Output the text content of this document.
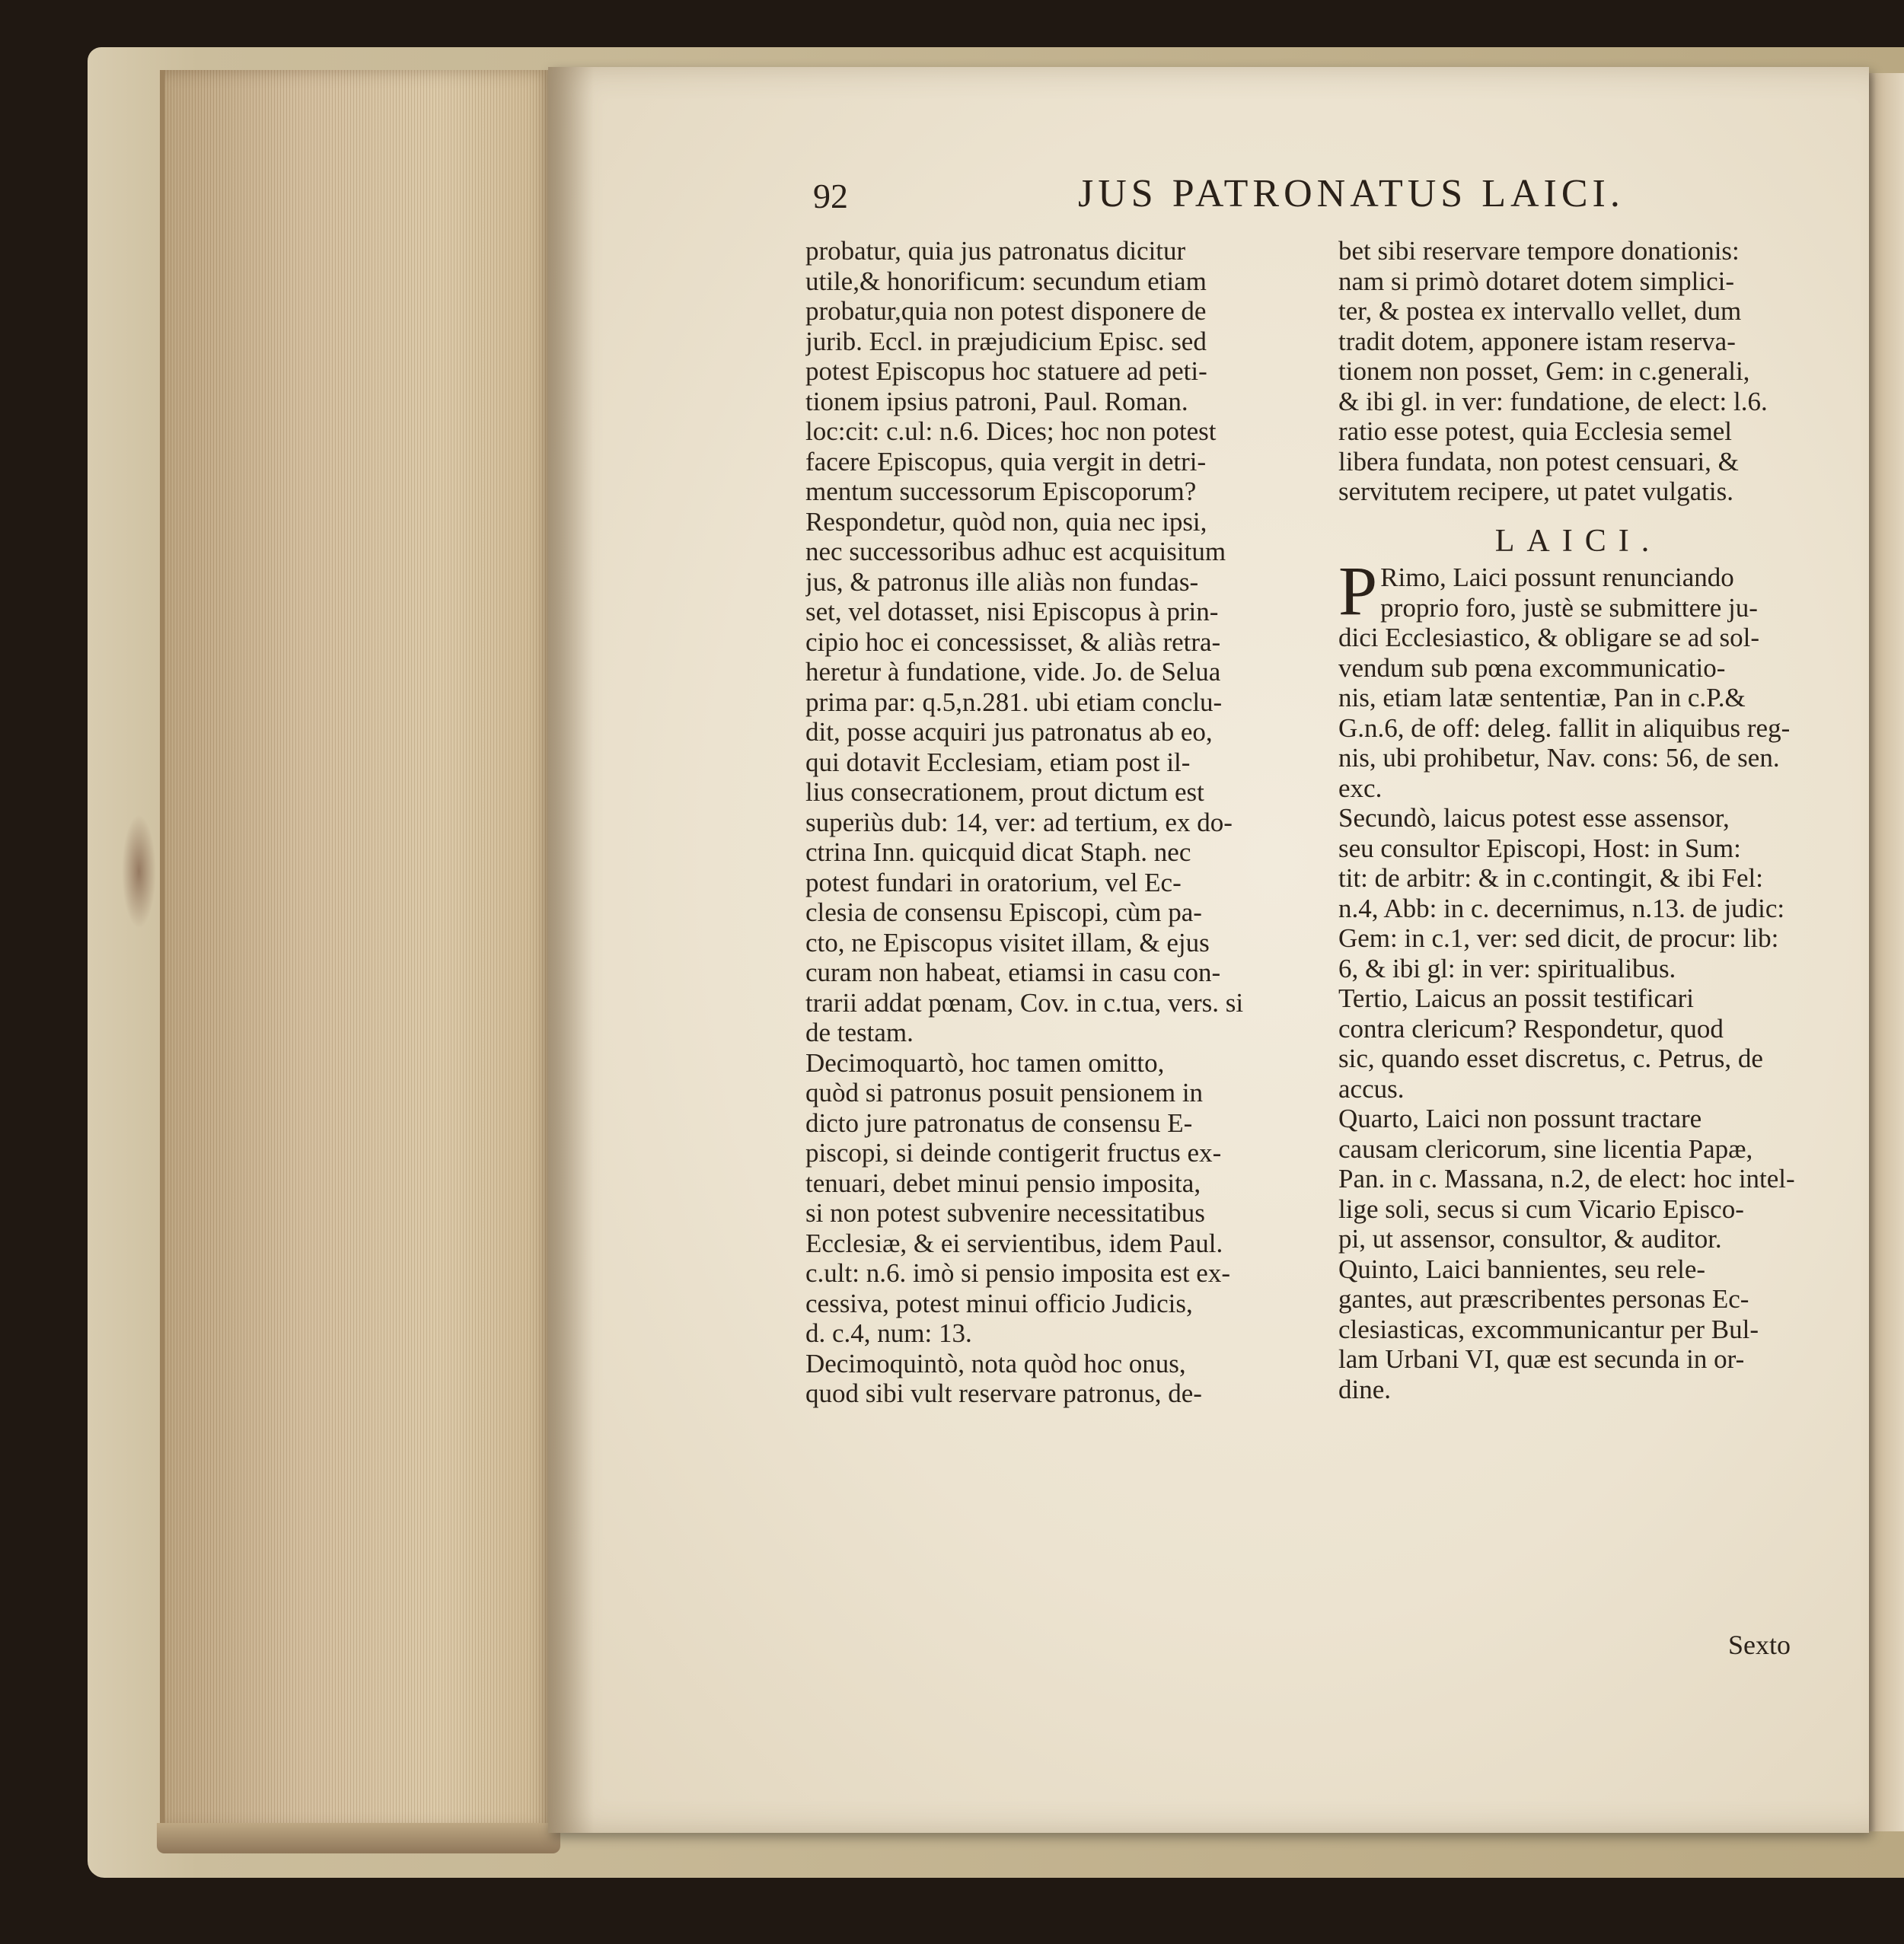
92	JUS PATRONATUS LAICI.
probatur, quia jus patronatus dicitur
utile,& honorificum: secundum etiam
probatur,quia non potest disponere de
jurib. Eccl. in præjudicium Episc. sed
potest Episcopus hoc statuere ad peti-
tionem ipsius patroni, Paul. Roman.
loc:cit: c.ul: n.6. Dices; hoc non potest
facere Episcopus, quia vergit in detri-
mentum successorum Episcoporum?
Respondetur, quòd non, quia nec ipsi,
nec successoribus adhuc est acquisitum
jus, & patronus ille aliàs non fundas-
set, vel dotasset, nisi Episcopus à prin-
cipio hoc ei concessisset, & aliàs retra-
heretur à fundatione, vide. Jo. de Selua
prima par: q.5,n.281. ubi etiam conclu-
dit, posse acquiri jus patronatus ab eo,
qui dotavit Ecclesiam, etiam post il-
lius consecrationem, prout dictum est
superiùs dub: 14, ver: ad tertium, ex do-
ctrina Inn. quicquid dicat Staph. nec
potest fundari in oratorium, vel Ec-
clesia de consensu Episcopi, cùm pa-
cto, ne Episcopus visitet illam, & ejus
curam non habeat, etiamsi in casu con-
trarii addat pœnam, Cov. in c.tua, vers. si
de testam.
Decimoquartò, hoc tamen omitto,
quòd si patronus posuit pensionem in
dicto jure patronatus de consensu E-
piscopi, si deinde contigerit fructus ex-
tenuari, debet minui pensio imposita,
si non potest subvenire necessitatibus
Ecclesiæ, & ei servientibus, idem Paul.
c.ult: n.6. imò si pensio imposita est ex-
cessiva, potest minui officio Judicis,
d. c.4, num: 13.
Decimoquintò, nota quòd hoc onus,
quod sibi vult reservare patronus, de-
bet sibi reservare tempore donationis:
nam si primò dotaret dotem simplici-
ter, & postea ex intervallo vellet, dum
tradit dotem, apponere istam reserva-
tionem non posset, Gem: in c.generali,
& ibi gl. in ver: fundatione, de elect: l.6.
ratio esse potest, quia Ecclesia semel
libera fundata, non potest censuari, &
servitutem recipere, ut patet vulgatis.
LAICI.
P Rimo, Laici possunt renunciando
proprio foro, justè se submittere ju-
dici Ecclesiastico, & obligare se ad sol-
vendum sub pœna excommunicatio-
nis, etiam latæ sententiæ, Pan in c.P.&
G.n.6, de off: deleg. fallit in aliquibus reg-
nis, ubi prohibetur, Nav. cons: 56, de sen.
exc.
Secundò, laicus potest esse assensor,
seu consultor Episcopi, Host: in Sum:
tit: de arbitr: & in c.contingit, & ibi Fel:
n.4, Abb: in c. decernimus, n.13. de judic:
Gem: in c.1, ver: sed dicit, de procur: lib:
6, & ibi gl: in ver: spiritualibus.
Tertio, Laicus an possit testificari
contra clericum? Respondetur, quod
sic, quando esset discretus, c. Petrus, de
accus.
Quarto, Laici non possunt tractare
causam clericorum, sine licentia Papæ,
Pan. in c. Massana, n.2, de elect: hoc intel-
lige soli, secus si cum Vicario Episco-
pi, ut assensor, consultor, & auditor.
Quinto, Laici bannientes, seu rele-
gantes, aut præscribentes personas Ec-
clesiasticas, excommunicantur per Bul-
lam Urbani VI, quæ est secunda in or-
dine.
Sexto
